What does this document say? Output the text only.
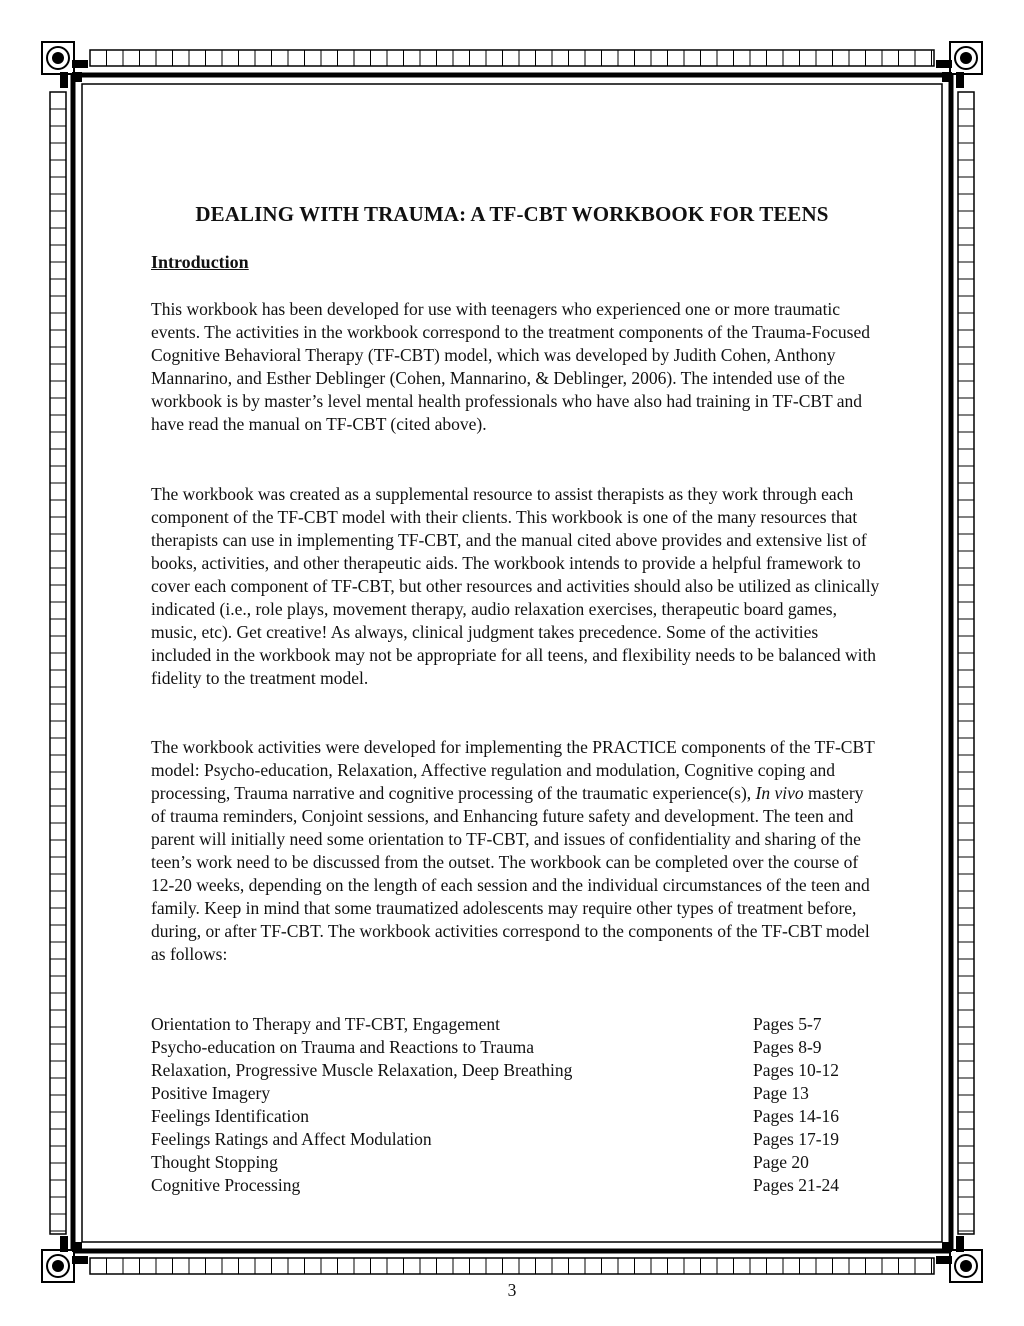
DEALING WITH TRAUMA: A TF-CBT WORKBOOK FOR TEENS
Introduction

This workbook has been developed for use with teenagers who experienced one or more traumatic events. The activities in the workbook correspond to the treatment components of the Trauma-Focused Cognitive Behavioral Therapy (TF-CBT) model, which was developed by Judith Cohen, Anthony Mannarino, and Esther Deblinger (Cohen, Mannarino, & Deblinger, 2006). The intended use of the workbook is by master’s level mental health professionals who have also had training in TF-CBT and have read the manual on TF-CBT (cited above).

The workbook was created as a supplemental resource to assist therapists as they work through each component of the TF-CBT model with their clients. This workbook is one of the many resources that therapists can use in implementing TF-CBT, and the manual cited above provides and extensive list of books, activities, and other therapeutic aids. The workbook intends to provide a helpful framework to cover each component of TF-CBT, but other resources and activities should also be utilized as clinically indicated (i.e., role plays, movement therapy, audio relaxation exercises, therapeutic board games, music, etc). Get creative! As always, clinical judgment takes precedence. Some of the activities included in the workbook may not be appropriate for all teens, and flexibility needs to be balanced with fidelity to the treatment model.

The workbook activities were developed for implementing the PRACTICE components of the TF-CBT model: Psycho-education, Relaxation, Affective regulation and modulation, Cognitive coping and processing, Trauma narrative and cognitive processing of the traumatic experience(s), In vivo mastery of trauma reminders, Conjoint sessions, and Enhancing future safety and development. The teen and parent will initially need some orientation to TF-CBT, and issues of confidentiality and sharing of the teen’s work need to be discussed from the outset. The workbook can be completed over the course of 12-20 weeks, depending on the length of each session and the individual circumstances of the teen and family. Keep in mind that some traumatized adolescents may require other types of treatment before, during, or after TF-CBT. The workbook activities correspond to the components of the TF-CBT model as follows:

Orientation to Therapy and TF-CBT, Engagement	Pages 5-7
Psycho-education on Trauma and Reactions to Trauma	Pages 8-9
Relaxation, Progressive Muscle Relaxation, Deep Breathing	Pages 10-12
Positive Imagery	Page 13
Feelings Identification	Pages 14-16
Feelings Ratings and Affect Modulation	Pages 17-19
Thought Stopping	Page 20
Cognitive Processing	Pages 21-24
3
